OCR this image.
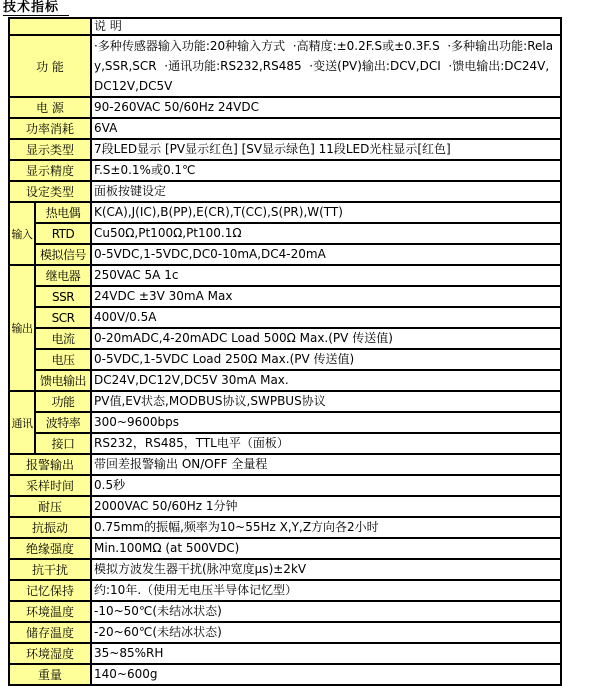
技术指标
		说 明
功 能		·多种传感器输入功能:20种输入方式  ·高精度:±0.2F.S或±0.3F.S  ·多种输出功能:Relay,SSR,SCR  ·通讯功能:RS232,RS485  ·变送(PV)输出:DCV,DCI  ·馈电输出:DC24V,DC12V,DC5V
电 源		90-260VAC 50/60Hz 24VDC
功率消耗		6VA
显示类型		7段LED显示 [PV显示红色] [SV显示绿色] 11段LED光柱显示[红色]
显示精度		F.S±0.1%或0.1℃
设定类型		面板按键设定
输入	热电偶	K(CA),J(IC),B(PP),E(CR),T(CC),S(PR),W(TT)
	RTD	Cu50Ω,Pt100Ω,Pt100.1Ω
	模拟信号	0-5VDC,1-5VDC,DC0-10mA,DC4-20mA
输出	继电器	250VAC 5A 1c
	SSR	24VDC ±3V 30mA Max
	SCR	400V/0.5A
	电流	0-20mADC,4-20mADC Load 500Ω Max.(PV 传送值)
	电压	0-5VDC,1-5VDC Load 250Ω Max.(PV 传送值)
	馈电输出	DC24V,DC12V,DC5V 30mA Max.
通讯	功能	PV值,EV状态,MODBUS协议,SWPBUS协议
	波特率	300~9600bps
	接口	RS232，RS485，TTL电平（面板）
报警输出		带回差报警输出 ON/OFF 全量程
采样时间		0.5秒
耐压		2000VAC 50/60Hz 1分钟
抗振动		0.75mm的振幅,频率为10~55Hz X,Y,Z方向各2小时
绝缘强度		Min.100MΩ (at 500VDC)
抗干扰		模拟方波发生器干扰(脉冲宽度μs)±2kV
记忆保持		约:10年.（使用无电压半导体记忆型）
环境温度		-10~50℃(未结冰状态)
储存温度		-20~60℃(未结冰状态)
环境湿度		35~85%RH
重量		140~600g
